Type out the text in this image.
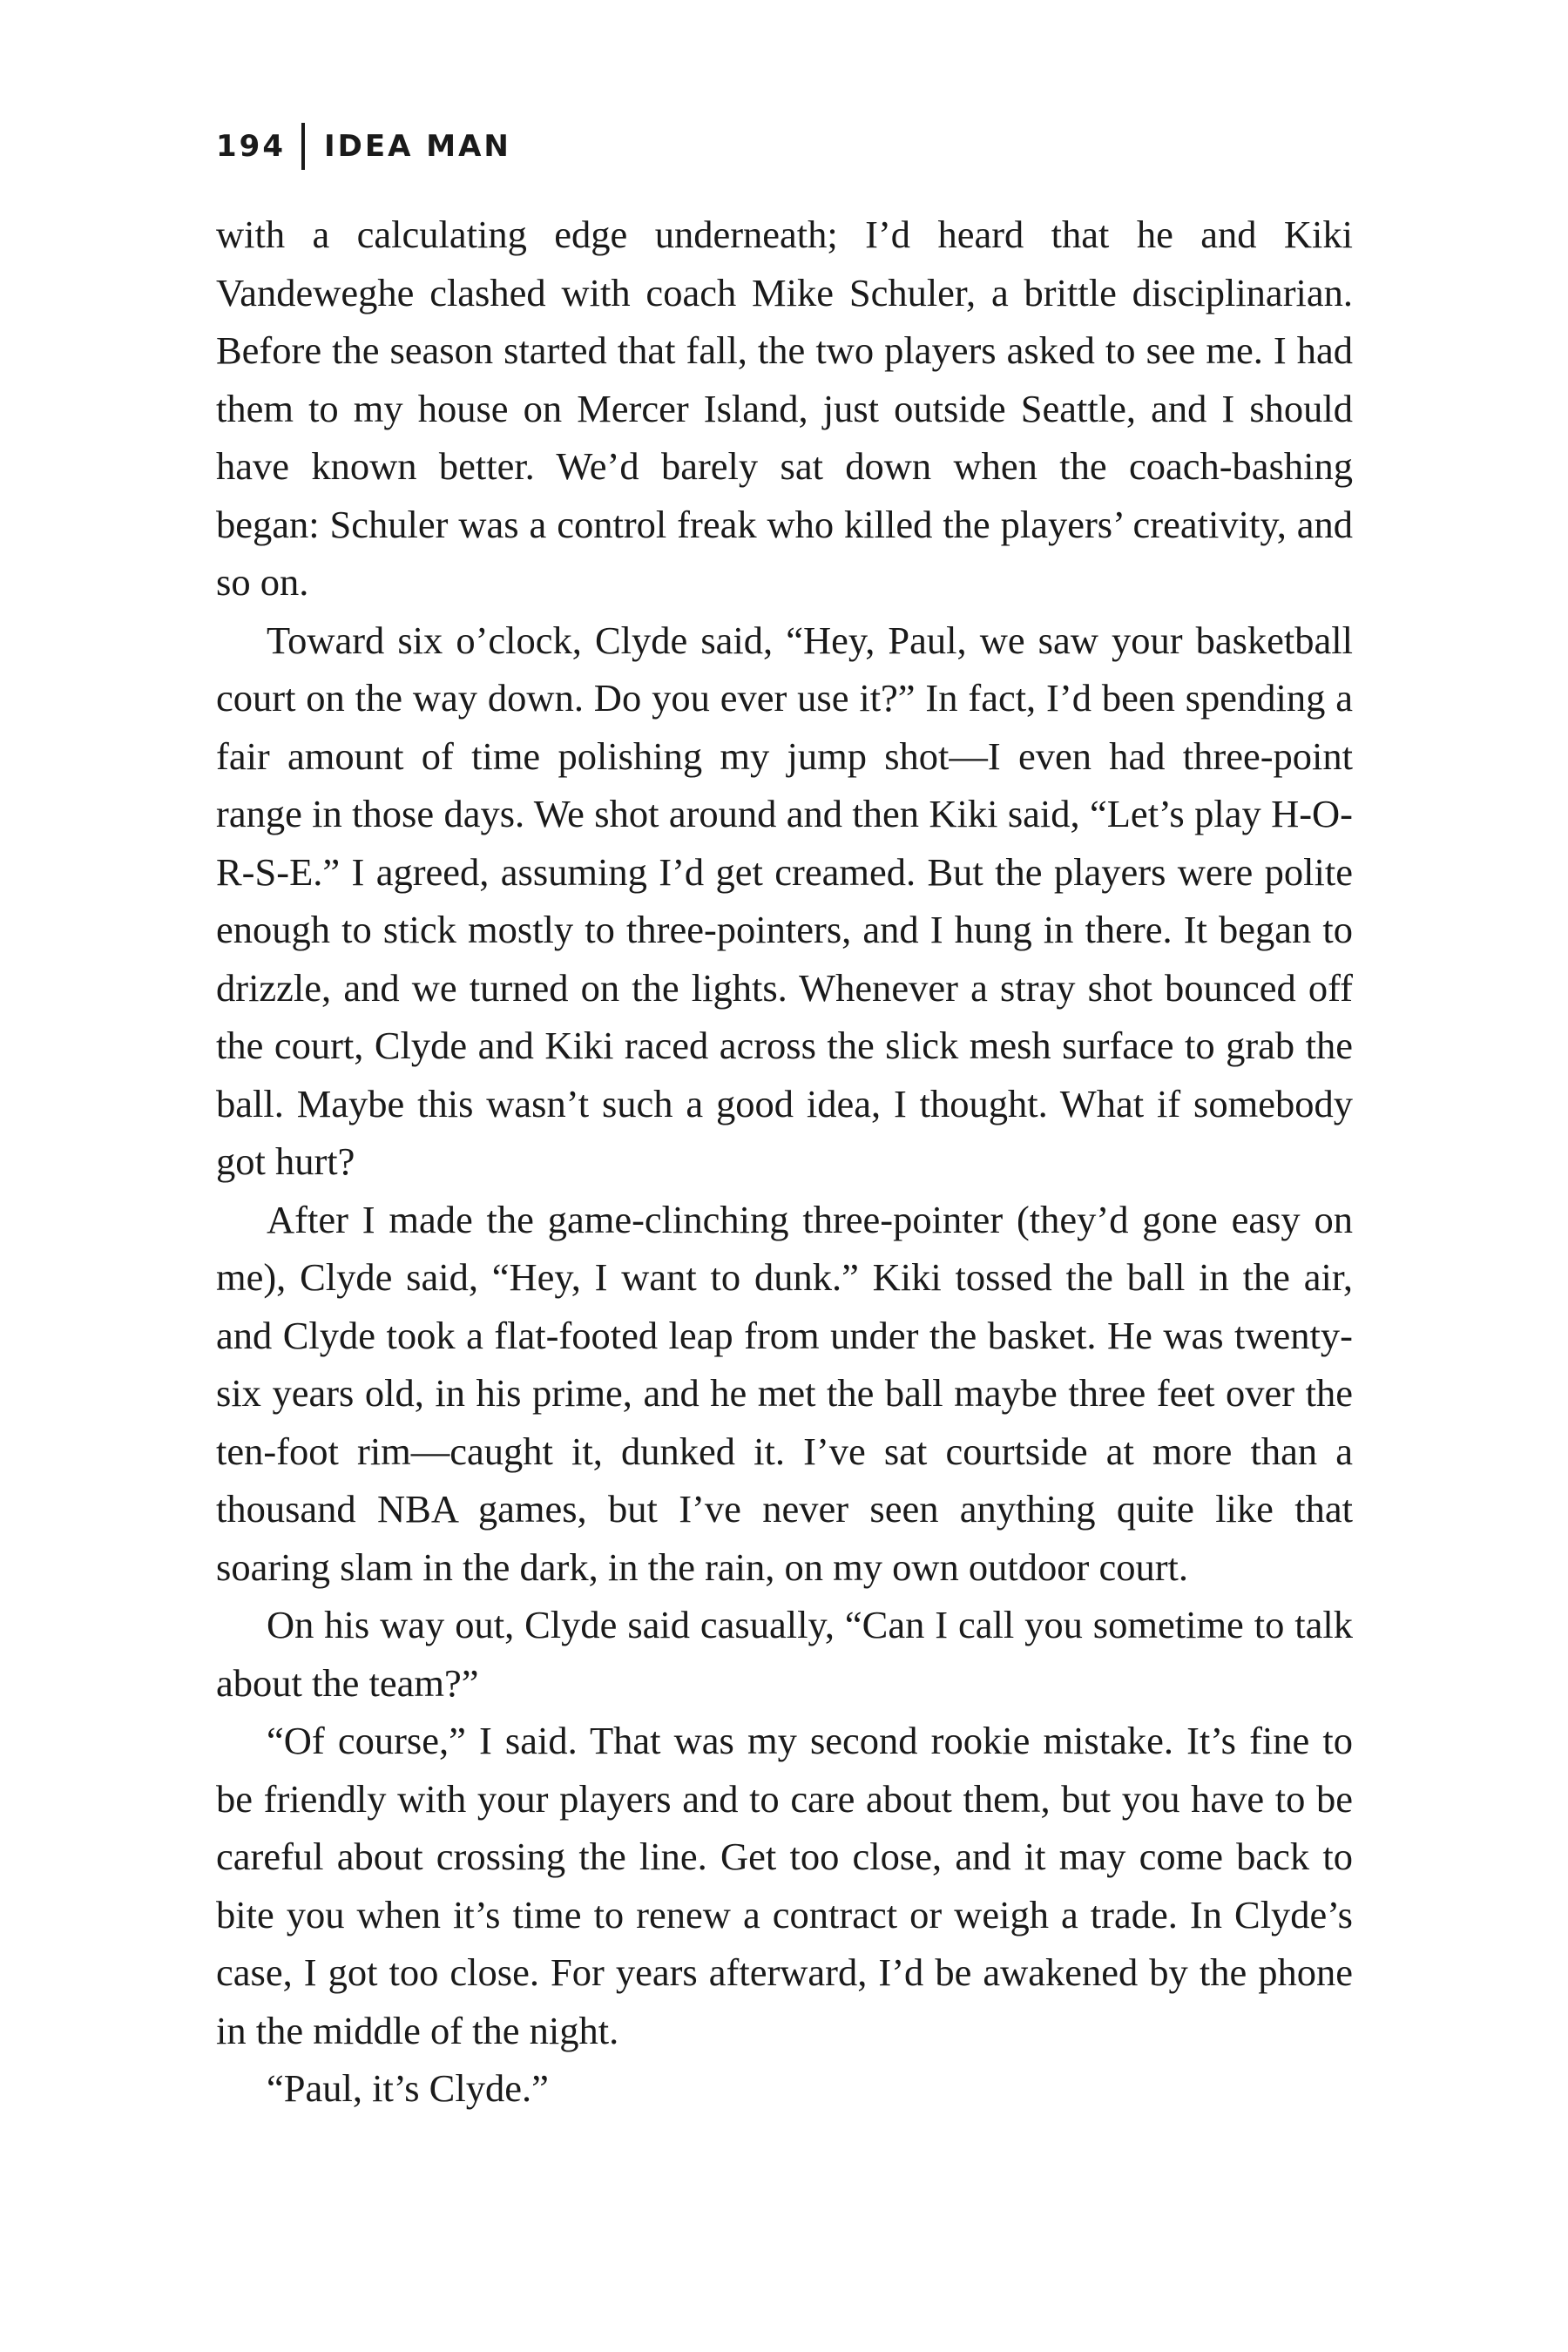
194	IDEA MAN

with a calculating edge underneath; I’d heard that he and Kiki Vandeweghe clashed with coach Mike Schuler, a brittle disciplinarian. Before the season started that fall, the two players asked to see me. I had them to my house on Mercer Island, just outside Seattle, and I should have known better. We’d barely sat down when the coach-bashing began: Schuler was a control freak who killed the players’ creativity, and so on.

Toward six o’clock, Clyde said, “Hey, Paul, we saw your basketball court on the way down. Do you ever use it?” In fact, I’d been spending a fair amount of time polishing my jump shot—I even had three-point range in those days. We shot around and then Kiki said, “Let’s play H-O-R-S-E.” I agreed, assuming I’d get creamed. But the players were polite enough to stick mostly to three-pointers, and I hung in there. It began to drizzle, and we turned on the lights. Whenever a stray shot bounced off the court, Clyde and Kiki raced across the slick mesh surface to grab the ball. Maybe this wasn’t such a good idea, I thought. What if somebody got hurt?

After I made the game-clinching three-pointer (they’d gone easy on me), Clyde said, “Hey, I want to dunk.” Kiki tossed the ball in the air, and Clyde took a flat-footed leap from under the basket. He was twenty-six years old, in his prime, and he met the ball maybe three feet over the ten-foot rim—caught it, dunked it. I’ve sat courtside at more than a thousand NBA games, but I’ve never seen anything quite like that soaring slam in the dark, in the rain, on my own outdoor court.

On his way out, Clyde said casually, “Can I call you sometime to talk about the team?”

“Of course,” I said. That was my second rookie mistake. It’s fine to be friendly with your players and to care about them, but you have to be careful about crossing the line. Get too close, and it may come back to bite you when it’s time to renew a contract or weigh a trade. In Clyde’s case, I got too close. For years afterward, I’d be awakened by the phone in the middle of the night.

“Paul, it’s Clyde.”
